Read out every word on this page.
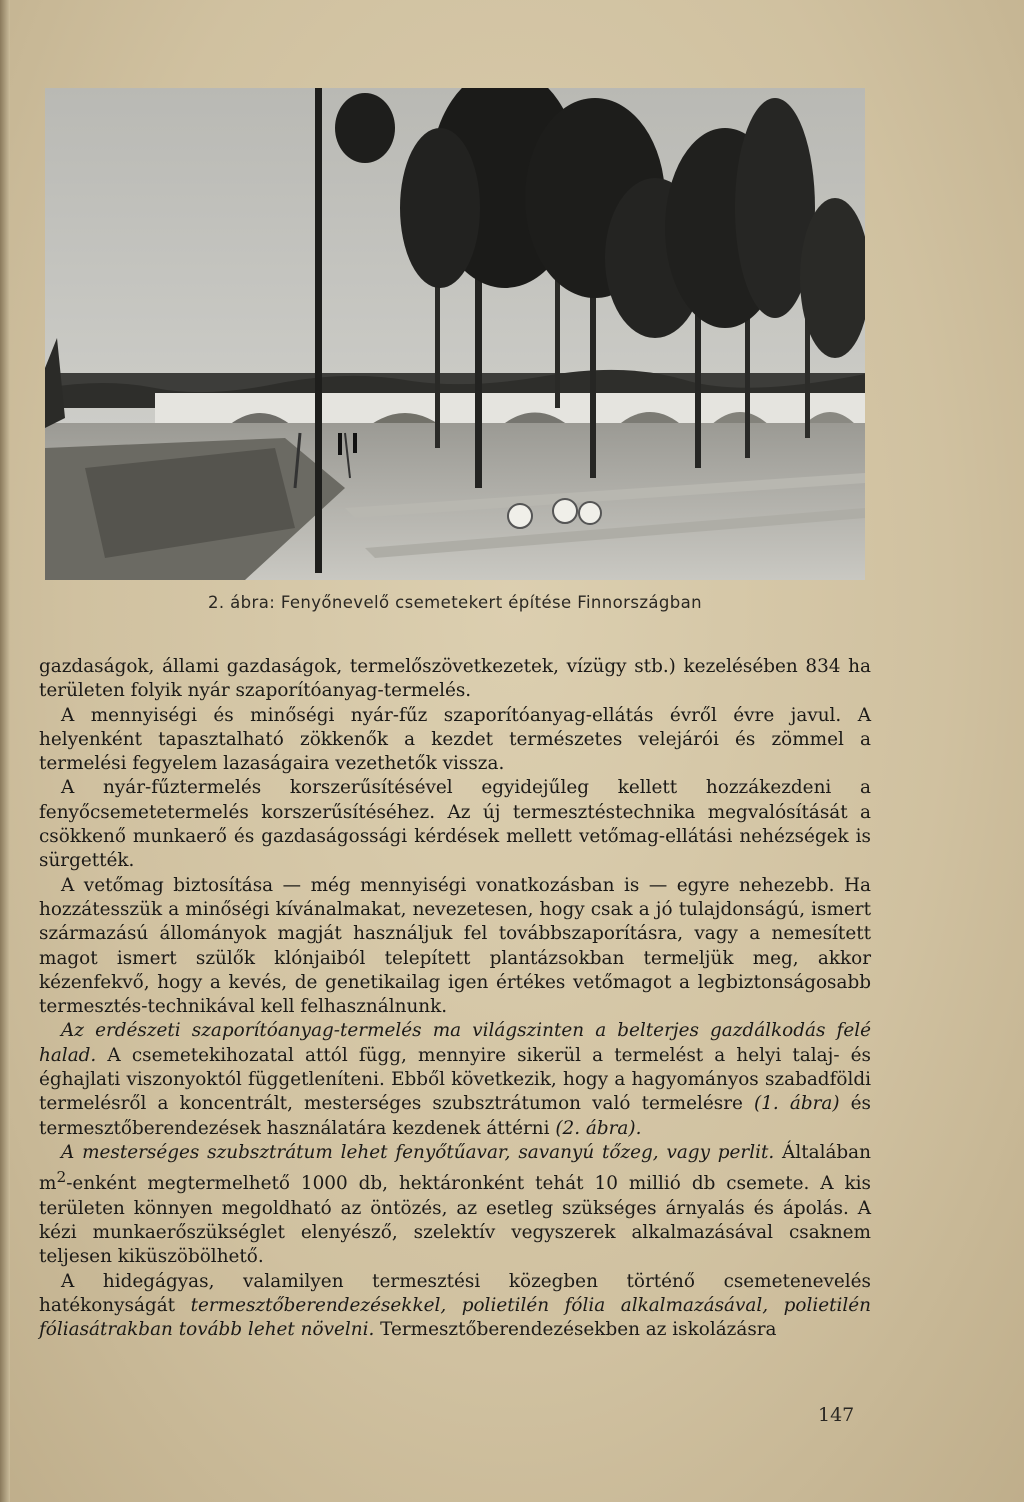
2. ábra: Fenyőnevelő csemetekert építése Finnországban

gazdaságok, állami gazdaságok, termelőszövetkezetek, vízügy stb.) kezelésében 834 ha területen folyik nyár szaporítóanyag-termelés.

A mennyiségi és minőségi nyár-fűz szaporítóanyag-ellátás évről évre javul. A helyenként tapasztalható zökkenők a kezdet természetes velejárói és zömmel a termelési fegyelem lazaságaira vezethetők vissza.

A nyár-fűztermelés korszerűsítésével egyidejűleg kellett hozzákezdeni a fenyőcsemetetermelés korszerűsítéséhez. Az új termesztéstechnika megvalósítását a csökkenő munkaerő és gazdaságossági kérdések mellett vetőmag-ellátási nehézségek is sürgették.

A vetőmag biztosítása — még mennyiségi vonatkozásban is — egyre nehezebb. Ha hozzátesszük a minőségi kívánalmakat, nevezetesen, hogy csak a jó tulajdonságú, ismert származású állományok magját használjuk fel továbbszaporításra, vagy a nemesített magot ismert szülők klónjaiból telepített plantázsokban termeljük meg, akkor kézenfekvő, hogy a kevés, de genetikailag igen értékes vetőmagot a legbiztonságosabb termesztés-technikával kell felhasználnunk.

Az erdészeti szaporítóanyag-termelés ma világszinten a belterjes gazdálkodás felé halad. A csemetekihozatal attól függ, mennyire sikerül a termelést a helyi talaj- és éghajlati viszonyoktól függetleníteni. Ebből következik, hogy a hagyományos szabadföldi termelésről a koncentrált, mesterséges szubsztrátumon való termelésre (1. ábra) és termesztőberendezések használatára kezdenek áttérni (2. ábra).

A mesterséges szubsztrátum lehet fenyőtűavar, savanyú tőzeg, vagy perlit. Általában $m^2$-enként megtermelhető 1000 db, hektáronként tehát 10 millió db csemete. A kis területen könnyen megoldható az öntözés, az esetleg szükséges árnyalás és ápolás. A kézi munkaerőszükséglet elenyésző, szelektív vegyszerek alkalmazásával csaknem teljesen kiküszöbölhető.

A hidegágyas, valamilyen termesztési közegben történő csemetenevelés hatékonyságát termesztőberendezésekkel, polietilén fólia alkalmazásával, polietilén fóliasátrakban tovább lehet növelni. Termesztőberendezésekben az iskolázásra

147
